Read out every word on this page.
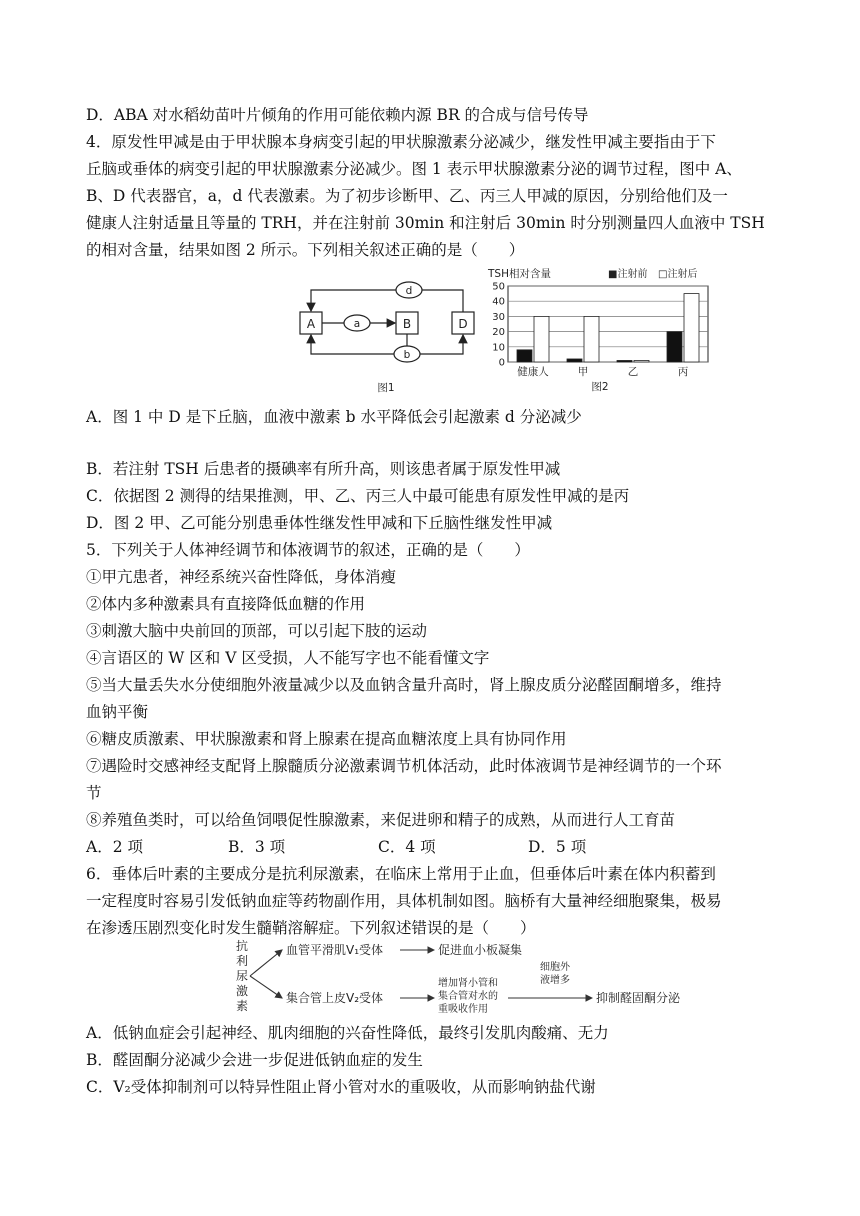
D．ABA 对水稻幼苗叶片倾角的作用可能依赖内源 BR 的合成与信号传导
4．原发性甲减是由于甲状腺本身病变引起的甲状腺激素分泌减少，继发性甲减主要指由于下
丘脑或垂体的病变引起的甲状腺激素分泌减少。图 1 表示甲状腺激素分泌的调节过程，图中 A、
B、D 代表器官，a，d 代表激素。为了初步诊断甲、乙、丙三人甲减的原因，分别给他们及一
健康人注射适量且等量的 TRH，并在注射前 30min 和注射后 30min 时分别测量四人血液中 TSH
的相对含量，结果如图 2 所示。下列相关叙述正确的是（　　）
A	B	D
a
d
b
图1
TSH相对含量	■注射前 □注射后
0
10
20
30
40
50
健康人	甲	乙	丙
图2
A．图 1 中 D 是下丘脑，血液中激素 b 水平降低会引起激素 d 分泌减少
B．若注射 TSH 后患者的摄碘率有所升高，则该患者属于原发性甲减
C．依据图 2 测得的结果推测，甲、乙、丙三人中最可能患有原发性甲减的是丙
D．图 2 甲、乙可能分别患垂体性继发性甲减和下丘脑性继发性甲减
5．下列关于人体神经调节和体液调节的叙述，正确的是（　　）
①甲亢患者，神经系统兴奋性降低，身体消瘦
②体内多种激素具有直接降低血糖的作用
③刺激大脑中央前回的顶部，可以引起下肢的运动
④言语区的 W 区和 V 区受损，人不能写字也不能看懂文字
⑤当大量丢失水分使细胞外液量减少以及血钠含量升高时，肾上腺皮质分泌醛固酮增多，维持
血钠平衡
⑥糖皮质激素、甲状腺激素和肾上腺素在提高血糖浓度上具有协同作用
⑦遇险时交感神经支配肾上腺髓质分泌激素调节机体活动，此时体液调节是神经调节的一个环
节
⑧养殖鱼类时，可以给鱼饲喂促性腺激素，来促进卵和精子的成熟，从而进行人工育苗
A．2 项	B．3 项	C．4 项	D．5 项
6．垂体后叶素的主要成分是抗利尿激素，在临床上常用于止血，但垂体后叶素在体内积蓄到
一定程度时容易引发低钠血症等药物副作用，具体机制如图。脑桥有大量神经细胞聚集，极易
在渗透压剧烈变化时发生髓鞘溶解症。下列叙述错误的是（　　）
抗
利
尿
激
素
血管平滑肌V₁受体	促进血小板凝集
集合管上皮V₂受体
增加肾小管和
集合管对水的
重吸收作用
细胞外
液增多
抑制醛固酮分泌
A．低钠血症会引起神经、肌肉细胞的兴奋性降低，最终引发肌肉酸痛、无力
B．醛固酮分泌减少会进一步促进低钠血症的发生
C．V₂受体抑制剂可以特异性阻止肾小管对水的重吸收，从而影响钠盐代谢
